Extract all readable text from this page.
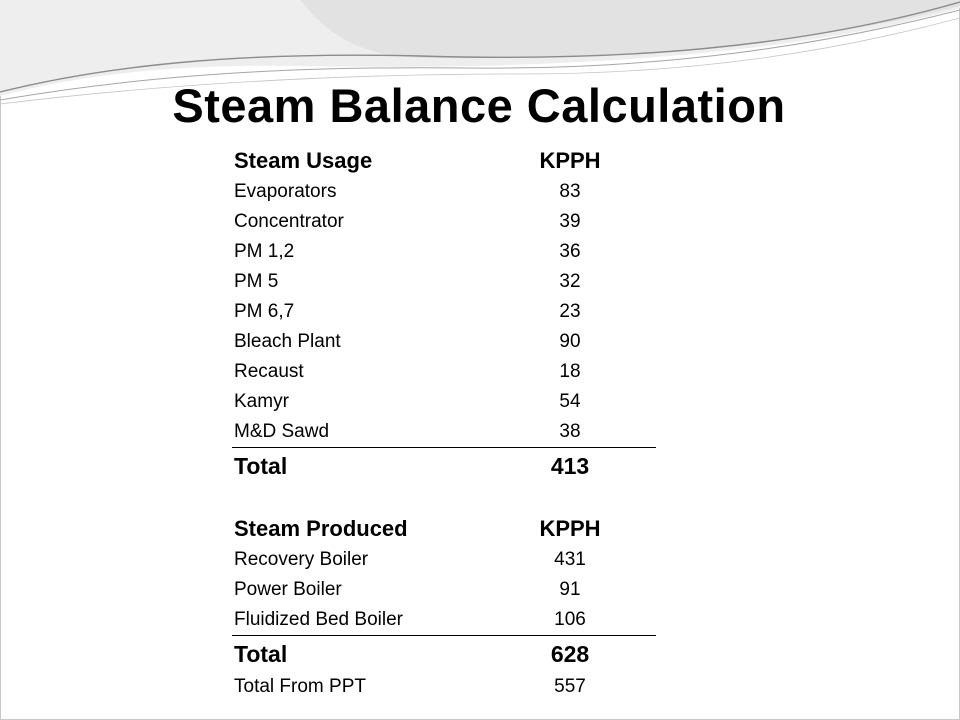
Steam Balance Calculation
Steam Usage	KPPH
Evaporators	83
Concentrator	39
PM 1,2	36
PM 5	32
PM 6,7	23
Bleach Plant	90
Recaust	18
Kamyr	54
M&D Sawd	38
Total	413
Steam Produced	KPPH
Recovery Boiler	431
Power Boiler	91
Fluidized Bed Boiler	106
Total	628
Total From PPT	557
